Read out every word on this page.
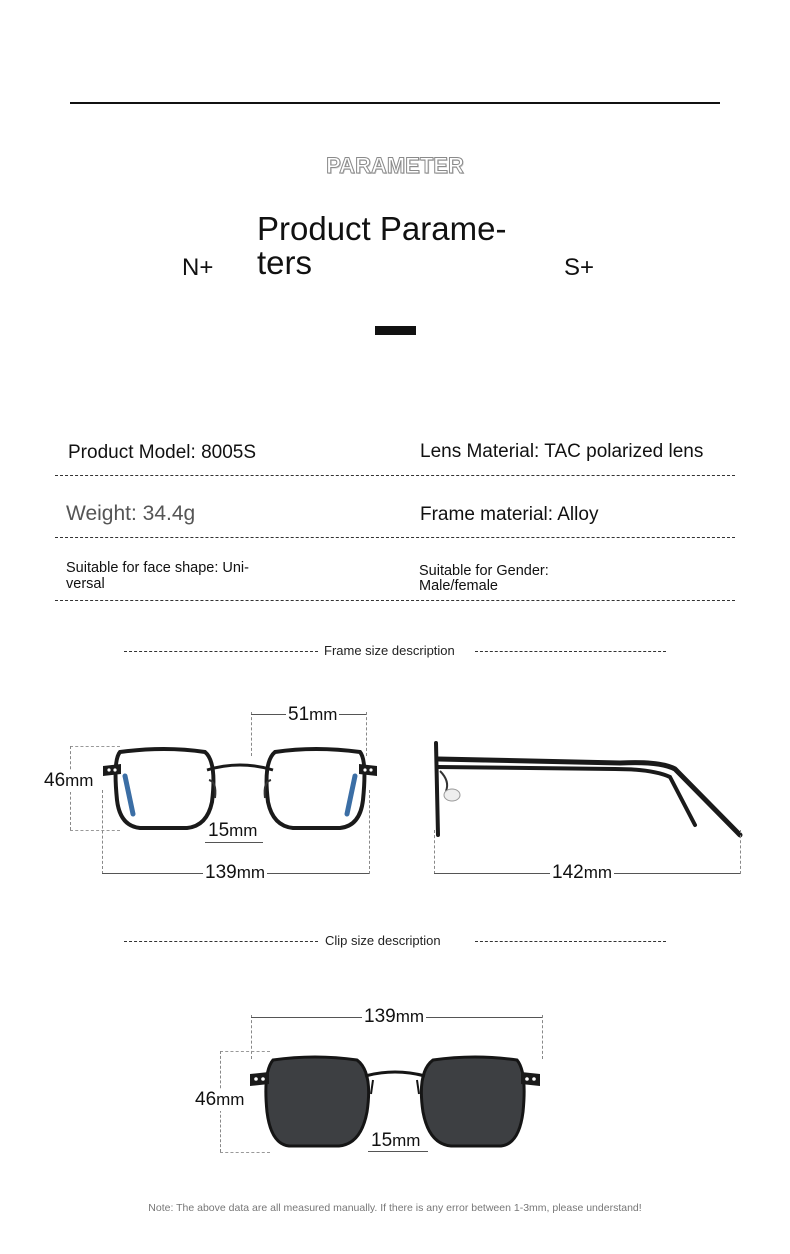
PARAMETER
Product Parame- ters
N+	S+
Product Model: 8005S	Lens Material: TAC polarized lens
Weight: 34.4g	Frame material: Alloy
Suitable for face shape: Uni- versal
Suitable for Gender:
Male/female
Frame size description
51mm
46mm
15mm
139mm	142mm
Clip size description
139mm
46mm
15mm
Note: The above data are all measured manually. If there is any error between 1-3mm, please understand!
